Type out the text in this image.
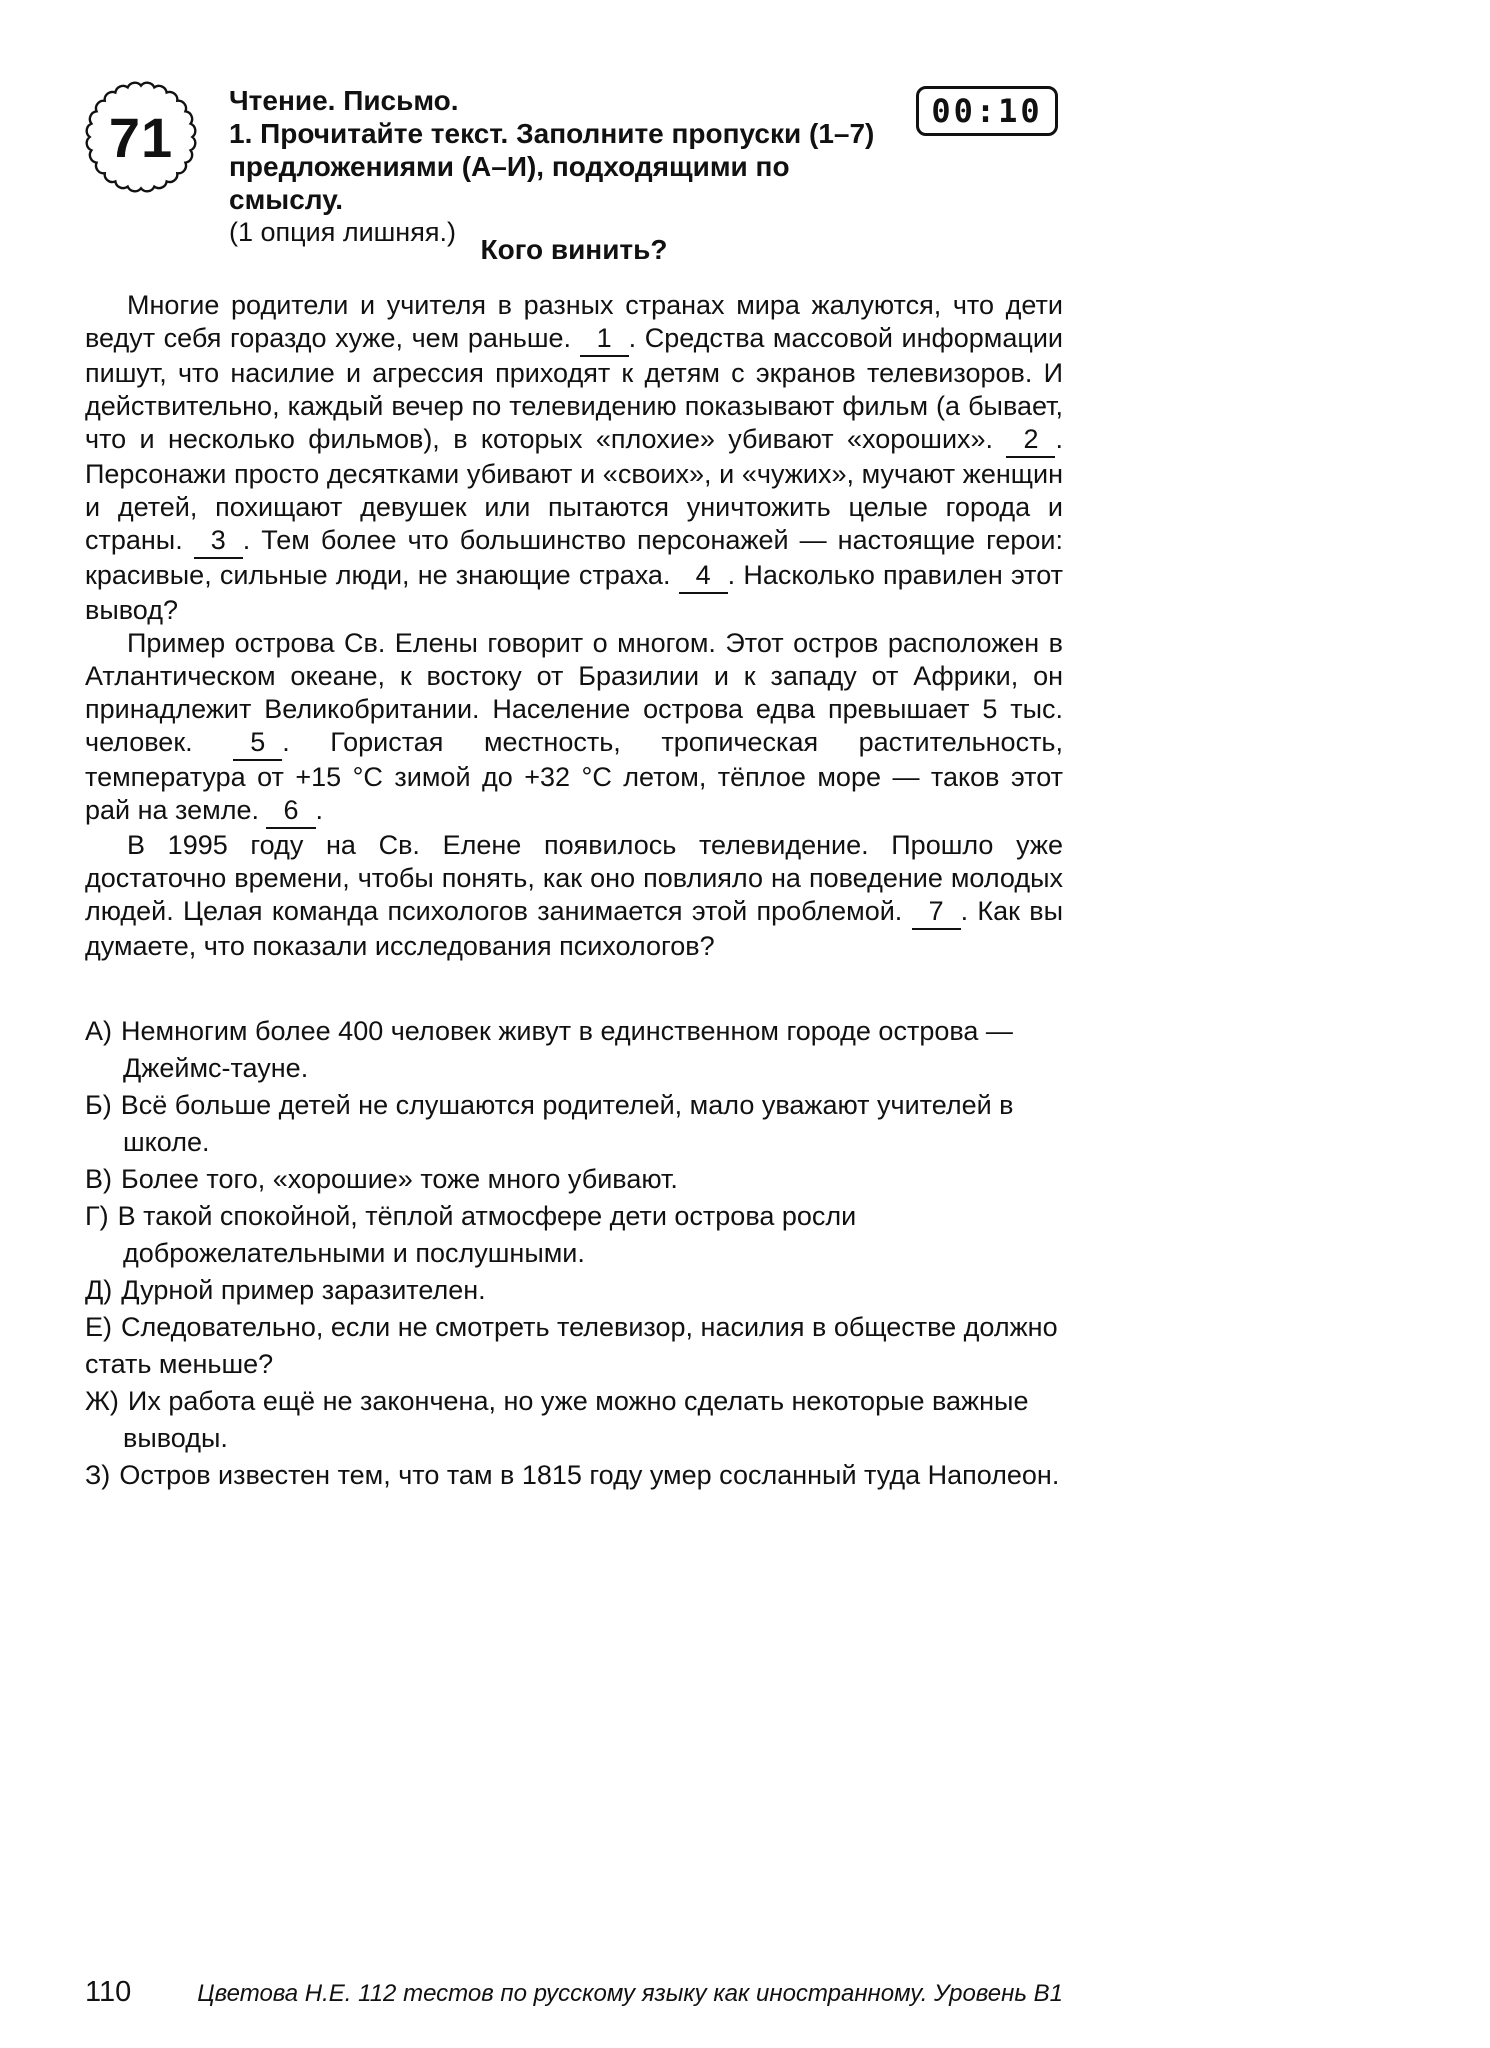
71
Чтение. Письмо.
1. Прочитайте текст. Заполните пропуски (1–7)
предложениями (А–И), подходящими по смыслу.
(1 опция лишняя.)
00:10
Кого винить?

Многие родители и учителя в разных странах мира жалуются, что дети ведут себя гораздо хуже, чем раньше. 1 . Средства массовой информации пишут, что насилие и агрессия приходят к детям с экранов телевизоров. И действительно, каждый вечер по телевидению показывают фильм (а бывает, что и несколько фильмов), в которых «плохие» убивают «хороших». 2 . Персонажи просто десятками убивают и «своих», и «чужих», мучают женщин и детей, похищают девушек или пытаются уничтожить целые города и страны. 3 . Тем более что большинство персонажей — настоящие герои: красивые, сильные люди, не знающие страха. 4 . Насколько правилен этот вывод?

Пример острова Св. Елены говорит о многом. Этот остров расположен в Атлантическом океане, к востоку от Бразилии и к западу от Африки, он принадлежит Великобритании. Население острова едва превышает 5 тыс. человек. 5 . Гористая местность, тропическая растительность, температура от +15 °С зимой до +32 °С летом, тёплое море — таков этот рай на земле. 6 .

В 1995 году на Св. Елене появилось телевидение. Прошло уже достаточно времени, чтобы понять, как оно повлияло на поведение молодых людей. Целая команда психологов занимается этой проблемой. 7 . Как вы думаете, что показали исследования психологов?

А) Немногим более 400 человек живут в единственном городе острова — Джеймс-тауне.
Б) Всё больше детей не слушаются родителей, мало уважают учителей в школе.
В) Более того, «хорошие» тоже много убивают.
Г) В такой спокойной, тёплой атмосфере дети острова росли доброжелательными и послушными.
Д) Дурной пример заразителен.
Е) Следовательно, если не смотреть телевизор, насилия в обществе должно стать меньше?
Ж) Их работа ещё не закончена, но уже можно сделать некоторые важные выводы.
З) Остров известен тем, что там в 1815 году умер сосланный туда Наполеон.
110	Цветова Н.Е. 112 тестов по русскому языку как иностранному. Уровень В1
